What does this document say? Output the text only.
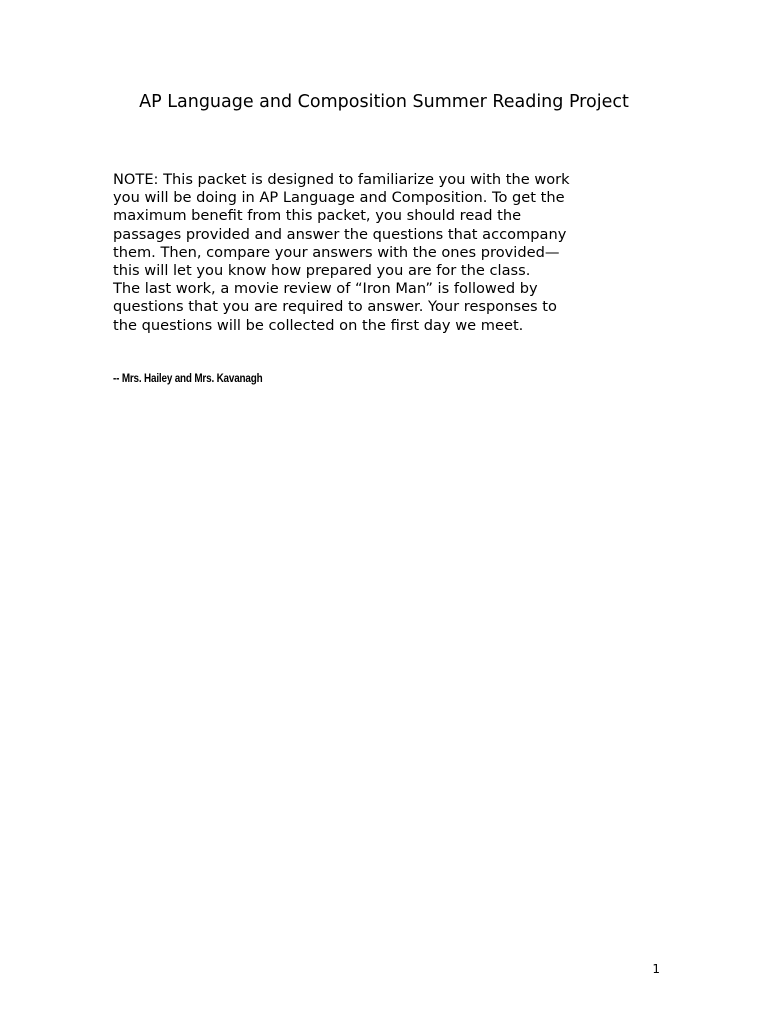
AP Language and Composition Summer Reading Project

NOTE: This packet is designed to familiarize you with the work
you will be doing in AP Language and Composition. To get the
maximum benefit from this packet, you should read the
passages provided and answer the questions that accompany
them. Then, compare your answers with the ones provided—
this will let you know how prepared you are for the class.
The last work, a movie review of “Iron Man” is followed by
questions that you are required to answer. Your responses to
the questions will be collected on the first day we meet.

-- Mrs. Hailey and Mrs. Kavanagh

1
